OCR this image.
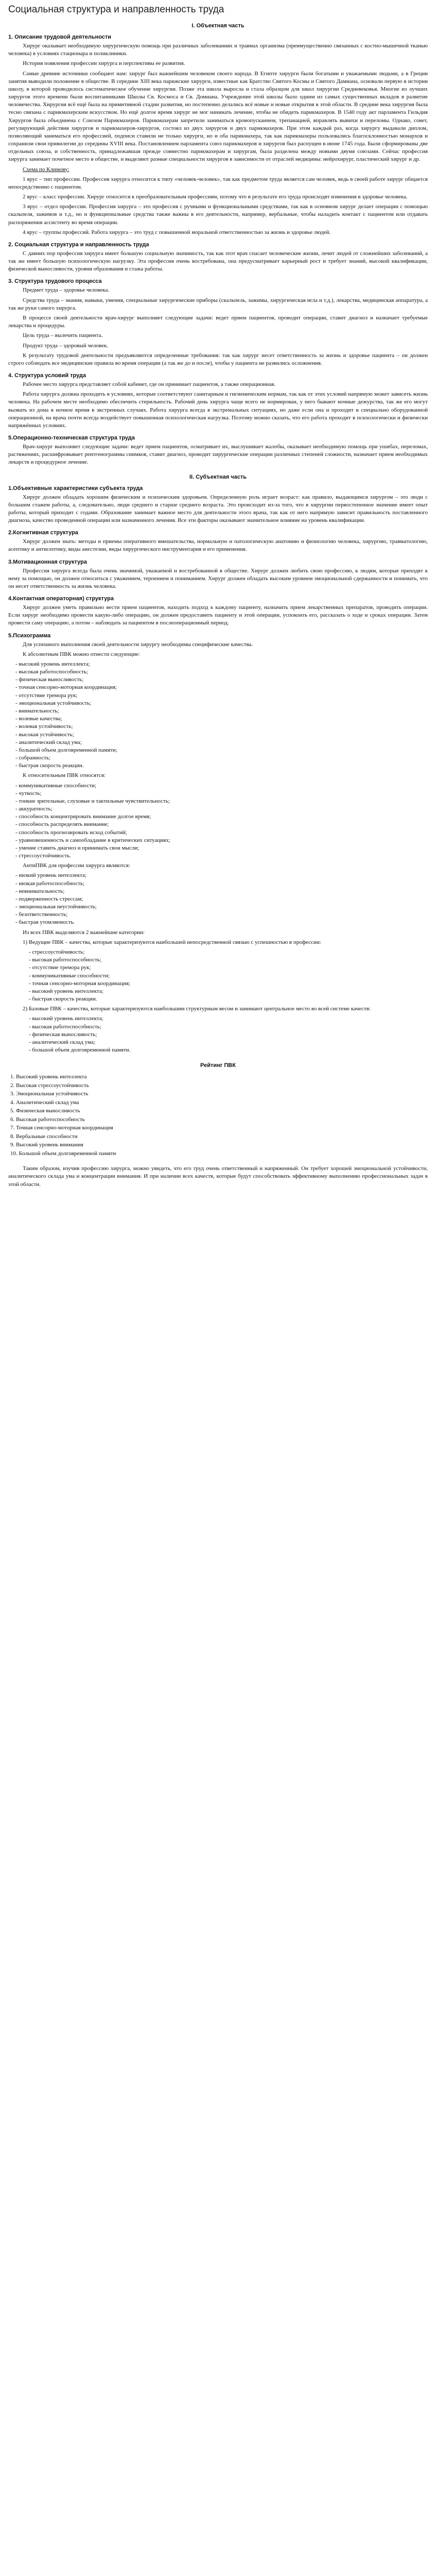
Социальная структура и направленность труда
I. Объектная часть
1. Описание трудовой деятельности

Хирург оказывает необходимую хирургическую помощь при различных заболеваниях и травмах организма (преимущественно связанных с костно-мышечной тканью человека) в условиях стационара и поликлиники.

История появления профессии хирурга и перспективы ее развития.

Самые древние источники сообщают нам: хирург был важнейшим человеком своего народа. В Египте хирурги были богатыми и уважаемыми людьми, а в Греции занятия выводили положение в обществе. В середине XIII века парижские хирурги, известные как Братство Святого Космы и Святого Дамиана, основали первую в истории школу, в которой проводилось систематическое обучение хирургии. Позже эта школа выросла и стала образцом для школ хирургии Средневековья. Многие из лучших хирургов этого времени были воспитанниками Школы Св. Космоса и Св. Домиана. Учреждение этой школы было одним из самых существенных вкладов в развитие человечества. Хирургия всё ещё была на примитивной стадии развития, но постепенно делались всё новые и новые открытия в этой области. В средние века хирургия была тесно связана с парикмахерским искусством. Но ещё долгое время хирург не мог начинать лечение, чтобы не обидеть парикмахеров. В 1540 году акт парламента Гильдия Хирургов была объединена с Союзом Парикмахеров. Парикмахерам запретили заниматься кровопусканием, трепанацией, вправлять вывихи и переломы. Однако, совет, регулирующий действия хирургов и парикмахеров-хирургов, состоял из двух хирургов и двух парикмахеров. При этом каждый раз, когда хирургу выдавали диплом, позволяющий заниматься его профессией, подписи ставили не только хирурги, но и оба парикмахера, так как парикмахеры пользовались благосклонностью монархов и сохранили свои привилегии до середины XVIII века. Постановлением парламента союз парикмахеров и хирургов был распущен в июне 1745 года. Были сформированы две отдельных союза, и собственность, принадлежавшая прежде совместно парикмахерам и хирургам, была разделена между новыми двумя союзами. Сейчас профессия хирурга занимает почетное место в обществе, и выделяют разные специальности хирургов в зависимости от отраслей медицины: нейрохирург, пластический хирург и др.

Схема по Климову:

1 ярус – тип профессии. Профессия хирурга относится к типу «человек-человек», так как предметом труда является сам человек, ведь в своей работе хирург общается непосредственно с пациентом.

2 ярус – класс профессии. Хирург относится к преобразовательным профессиям, потому что в результате его труда происходят изменения в здоровье человека.

3 ярус – отдел профессии. Профессия хирурга – это профессия с ручными и функциональными средствами, так как в основном хирург делает операции с помощью скальпеля, зажимов и т.д., но и функциональные средства также важны в его деятельности, например, вербальные, чтобы наладить контакт с пациентом или отдавать распоряжения ассистенту во время операции.

4 ярус – группы профессий. Работа хирурга – это труд с повышенной моральной ответственностью за жизнь и здоровье людей.

2. Социальная структура и направленность труда

С давних пор профессия хирурга имеет большую социальную значимость, так как этот врач спасает человеческие жизни, лечит людей от сложнейших заболеваний, а так же имеет большую психологическую нагрузку. Эта профессия очень востребована, она предусматривает карьерный рост и требует знаний, высокой квалификации, физической выносливости, уровня образования и стажа работы.

3. Структура трудового процесса

Предмет труда – здоровье человека.

Средства труда – знания, навыки, умения, специальные хирургические приборы (скальпель, зажимы, хирургическая игла и т.д.), лекарства, медицинская аппаратура, а так же руки самого хирурга.

В процессе своей деятельности врач-хирург выполняет следующие задачи: ведет прием пациентов, проводит операции, ставит диагноз и назначает требуемые лекарства и процедуры.

Цель труда – вылечить пациента.

Продукт труда – здоровый человек.

К результату трудовой деятельности предъявляются определенные требования: так как хирург несет ответственность за жизнь и здоровье пациента – он должен строго соблюдать все медицинские правила во время операции (а так же до и после), чтобы у пациента не развились осложнения.

4. Структура условий труда

Рабочее место хирурга представляет собой кабинет, где он принимает пациентов, а также операционная.

Работа хирурга должна проходить в условиях, которые соответствуют санитарным и гигиеническим нормам, так как от этих условий напрямую может зависеть жизнь человека. На рабочем месте необходимо обеспечить стерильность. Рабочий день хирурга чаще всего не нормирован, у него бывают ночные дежурства, так же его могут вызвать из дома в ночное время в экстренных случаях. Работа хирурга всегда в экстремальных ситуациях, но даже если она и проходит в специально оборудованной операционной, на врача почти всегда воздействует повышенная психологическая нагрузка. Поэтому можно сказать, что его работа проходит в психологически и физически напряжённых условиях.

5.Операционно-техническая структура труда

Врач-хирург выполняет следующие задачи: ведет прием пациентов, осматривает их, выслушивает жалобы, оказывает необходимую помощь при ушибах, переломах, растяжениях, расшифровывает рентгенограммы снимков, ставит диагноз, проводит хирургические операции различных степеней сложности, назначает прием необходимых лекарств и процедурное лечение.

II. Субъектная часть
1.Объективные характеристики субъекта труда

Хирург должен обладать хорошим физическим и психическим здоровьем. Определенную роль играет возраст: как правило, выдающимся хирургом – это люди с большим стажем работы, а, следовательно, люди среднего и старше среднего возраста. Это происходит из-за того, что в хирургии первостепенное значение имеет опыт работы, который приходит с годами. Образование занимает важное место для деятельности этого врача, так как от него напрямую зависит правильность поставленного диагноза, качество проведенной операции или назначенного лечения. Все эти факторы оказывают значительное влияние на уровень квалификации.

2.Когнитивная структура

Хирург должен знать: методы и приемы оперативного вмешательства, нормальную и патологическую анатомию и физиологию человека, хирургию, травматологию, асептику и антисептику, виды анестезии, виды хирургического инструментария и его применения.

3.Мотивационная структура

Профессия хирурга всегда была очень значимой, уважаемой и востребованной в обществе. Хирург должен любить свою профессию, к людям, которые приходят к нему за помощью, он должен относиться с уважением, терпением и пониманием. Хирург должен обладать высоким уровнем эмоциональной сдержанности и понимать, что он несет ответственность за жизнь человека.

4.Контактная операторная) структура

Хирург должен уметь правильно вести прием пациентов, находить подход к каждому пациенту, назначить прием лекарственных препаратов, проводить операции. Если хирург необходимо провести какую-либо операцию, он должен предоставить пациенту и этой операции, успокоить его, рассказать о ходе и сроках операции. Затем провести саму операцию, а потом – наблюдать за пациентом в послеоперационный период.

5.Психограмма

Для успешного выполнения своей деятельности хирургу необходимы специфические качества.

К абсолютным ПВК можно отнести следующие:

- высокий уровень интеллекта;
- высокая работоспособность;
- физическая выносливость;
- точная сенсорно-моторная координация;
- отсутствие тремора рук;
- эмоциональная устойчивость;
- внимательность;
- волевые качества;
- волевая устойчивость;
- высокая устойчивость;
- аналитический склад ума;
- большой объем долговременной памяти;
- собранность;
- быстрая скорость реакции.

К относительным ПВК относятся:

- коммуникативные способности;
- чуткость;
- тонкие зрительные, слуховые и тактильные чувствительность;
- аккуратность;
- способность концентрировать внимание долгое время;
- способность распределять внимание;
- способность прогнозировать исход событий;
- уравновешенность и самообладание в критических ситуациях;
- умение ставить диагноз и принимать свои мысли;
- стрессоустойчивость.

АнтиПВК для профессии хирурга являются:

- низкий уровень интеллекта;
- низкая работоспособность;
- невнимательность;
- подверженность стрессам;
- эмоциональная неустойчивость;
- безответственность;
- быстрая утомляемость.

Из всех ПВК выделяются 2 важнейшие категории:

1) Ведущие ПВК – качества, которые характеризуются наибольшей непосредственной связью с успешностью в профессии:

- стрессоустойчивость;
- высокая работоспособность;
- отсутствие тремора рук;
- коммуникативные способности;
- точная сенсорно-моторная координация;
- высокий уровень интеллекта;
- быстрая скорость реакции.

2) Базовые ПВК – качества, которые характеризуются наибольшим структурным весом и занимают центральное место во всей системе качеств:

- высокий уровень интеллекта;
- высокая работоспособность;
- физическая выносливость;
- аналитический склад ума;
- большой объем долговременной памяти.
Рейтинг ПВК
1. Высокий уровень интеллекта
2. Высокая стрессоустойчивость
3. Эмоциональная устойчивость
4. Аналитический склад ума
5. Физическая выносливость
6. Высокая работоспособность
7. Точная сенсорно-моторная координация
8. Вербальные способности
9. Высокий уровень внимания
10. Большой объем долговременной памяти

Таким образом, изучив профессию хирурга, можно увидеть, что его труд очень ответственный и напряженный. Он требует хорошей эмоциональной устойчивости, аналитического склада ума и концентрации внимания. И при наличии всех качеств, которые будут способствовать эффективному выполнению профессиональных задач в этой области.
